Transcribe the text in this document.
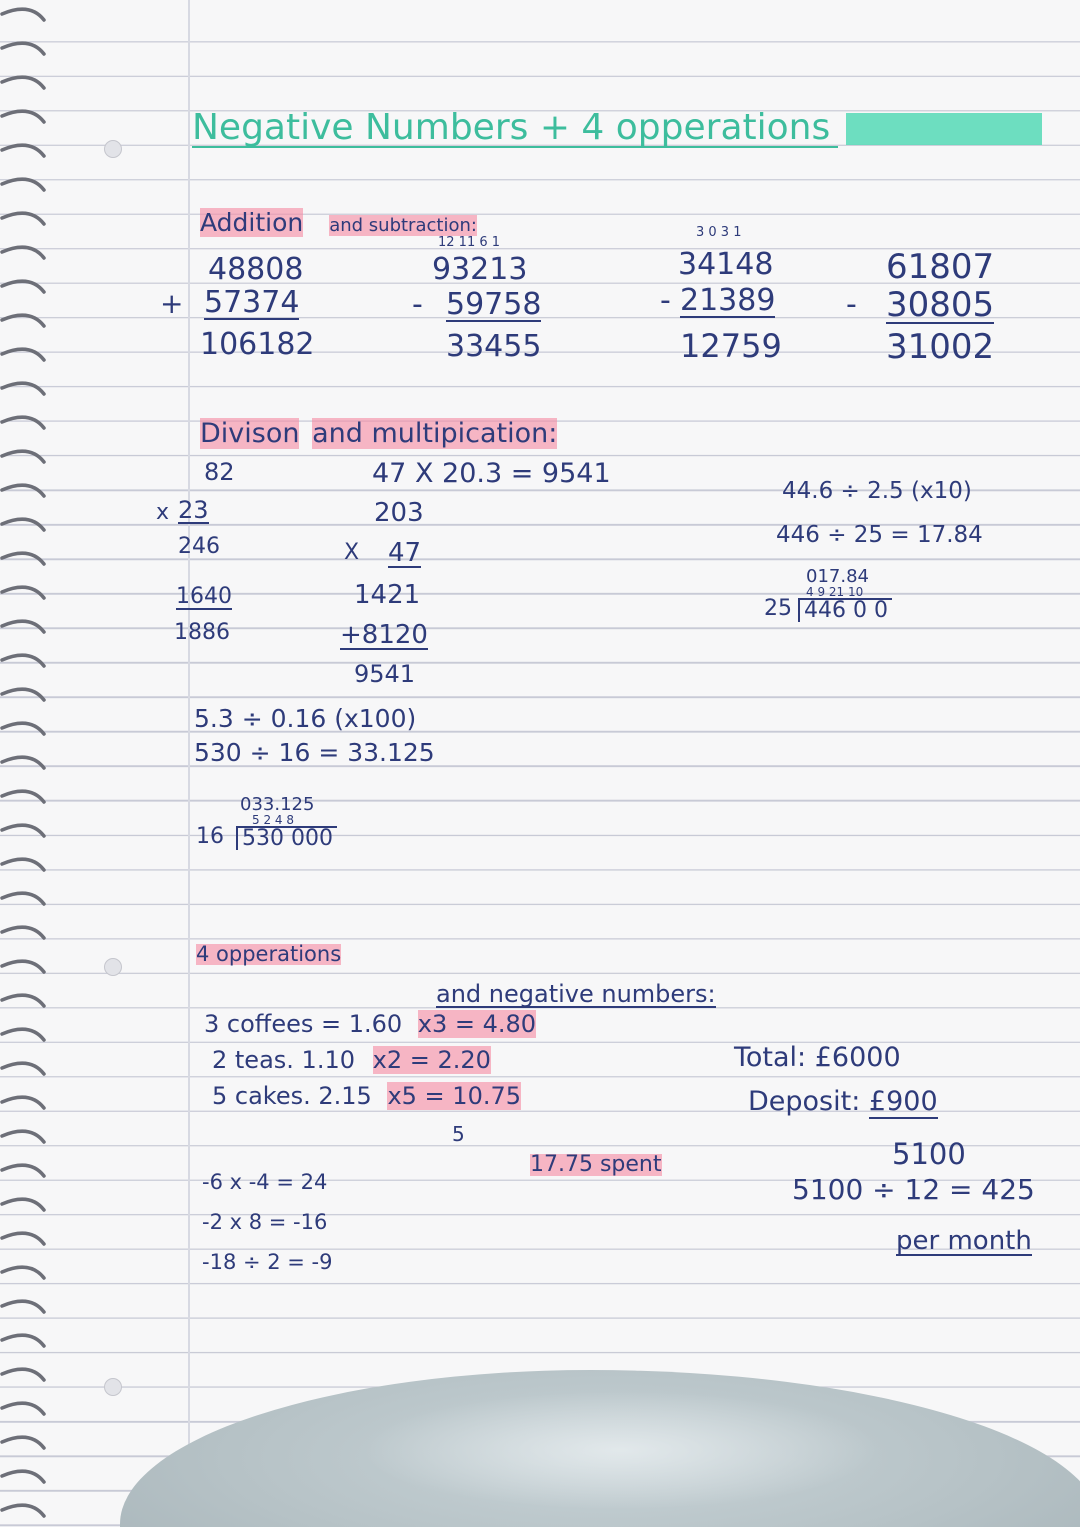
Negative Numbers + 4 opperations
Addition and subtraction:
48808
+ 57374
106182
12 11 6 1
93213
- 59758
33455
3 0 3 1
34148
- 21389
12759
61807
- 30805
31002
Divison and multipication:
82
x 23
246
1640
1886
47 X 20.3 = 9541
203
X 47
1421
+8120
9541
5.3 ÷ 0.16 (x100)
530 ÷ 16 = 33.125
033.125
5 2 4 8
16 530 000
44.6 ÷ 2.5 (x10)
446 ÷ 25 = 17.84
017.84
4 9 21 10
25 446 0 0
4 opperations
and negative numbers:
3 coffees = 1.60 x3 = 4.80
2 teas. 1.10 x2 = 2.20
5 cakes. 2.15 x5 = 10.75
5
17.75 spent
-6 x -4 = 24
-2 x 8 = -16
-18 ÷ 2 = -9
Total: £6000
Deposit: £900
5100
5100 ÷ 12 = 425
per month
